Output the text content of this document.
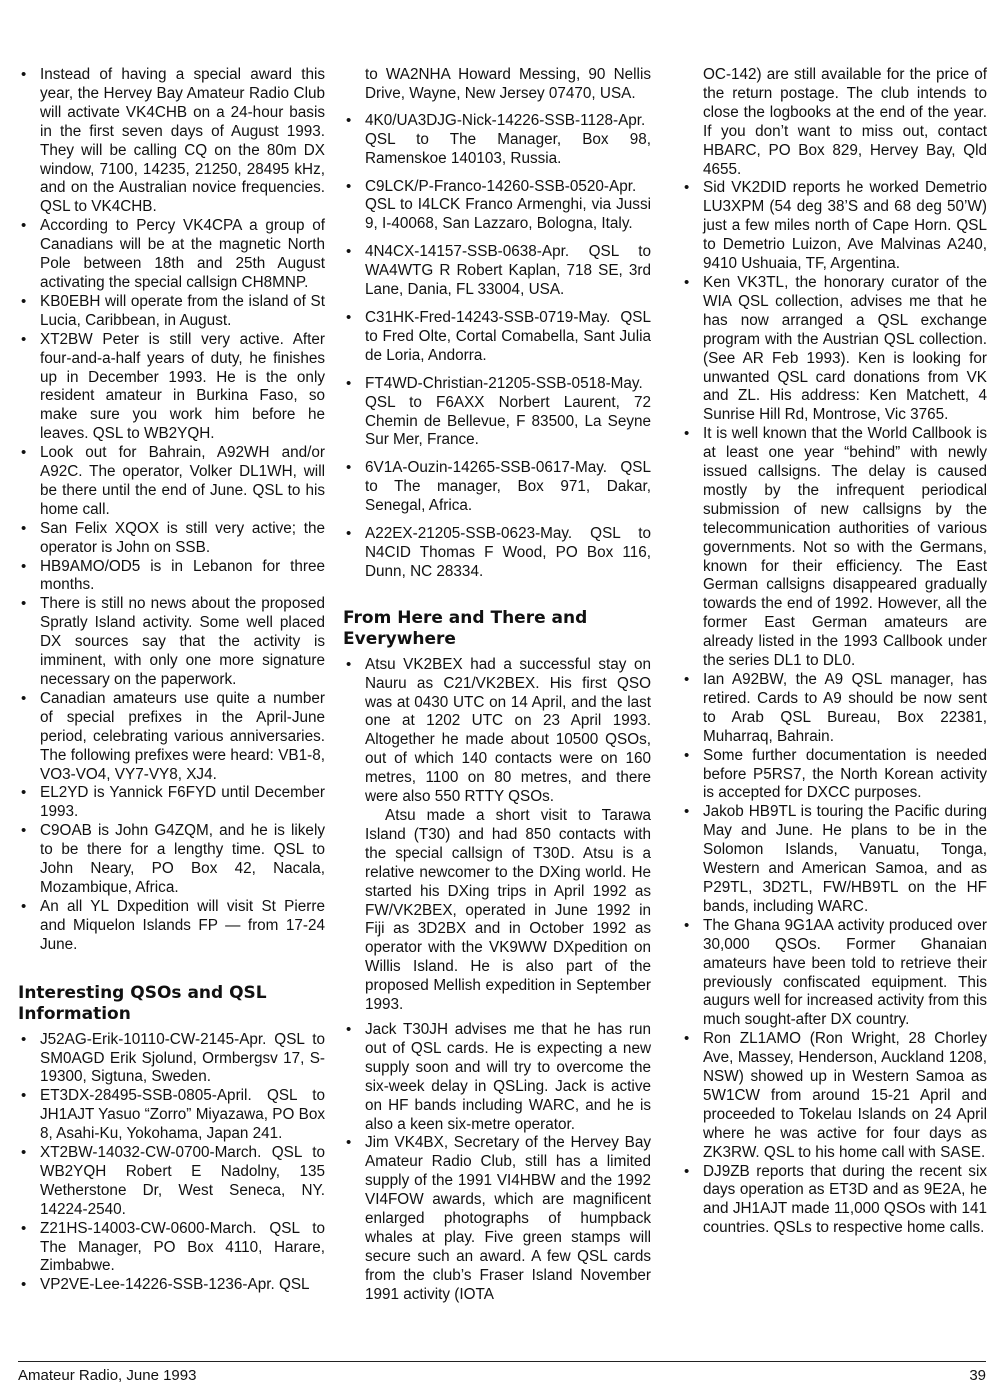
• Instead of having a special award this year, the Hervey Bay Amateur Radio Club will activate VK4CHB on a 24-hour basis in the first seven days of August 1993. They will be calling CQ on the 80m DX window, 7100, 14235, 21250, 28495 kHz, and on the Australian novice frequencies. QSL to VK4CHB.
• According to Percy VK4CPA a group of Canadians will be at the magnetic North Pole between 18th and 25th August activating the special callsign CH8MNP.
• KB0EBH will operate from the island of St Lucia, Caribbean, in August.
• XT2BW Peter is still very active. After four-and-a-half years of duty, he finishes up in December 1993. He is the only resident amateur in Burkina Faso, so make sure you work him before he leaves. QSL to WB2YQH.
• Look out for Bahrain, A92WH and/or A92C. The operator, Volker DL1WH, will be there until the end of June. QSL to his home call.
• San Felix XQOX is still very active; the operator is John on SSB.
• HB9AMO/OD5 is in Lebanon for three months.
• There is still no news about the proposed Spratly Island activity. Some well placed DX sources say that the activity is imminent, with only one more signature necessary on the paperwork.
• Canadian amateurs use quite a number of special prefixes in the April-June period, celebrating various anniversaries. The following prefixes were heard: VB1-8, VO3-VO4, VY7-VY8, XJ4.
• EL2YD is Yannick F6FYD until December 1993.
• C9OAB is John G4ZQM, and he is likely to be there for a lengthy time. QSL to John Neary, PO Box 42, Nacala, Mozambique, Africa.
• An all YL Dxpedition will visit St Pierre and Miquelon Islands FP — from 17-24 June.
Interesting QSOs and QSL Information
• J52AG-Erik-10110-CW-2145-Apr. QSL to SM0AGD Erik Sjolund, Ormbergsv 17, S-19300, Sigtuna, Sweden.
• ET3DX-28495-SSB-0805-April. QSL to JH1AJT Yasuo “Zorro” Miyazawa, PO Box 8, Asahi-Ku, Yokohama, Japan 241.
• XT2BW-14032-CW-0700-March. QSL to WB2YQH Robert E Nadolny, 135 Wetherstone Dr, West Seneca, NY. 14224-2540.
• Z21HS-14003-CW-0600-March. QSL to The Manager, PO Box 4110, Harare, Zimbabwe.
• VP2VE-Lee-14226-SSB-1236-Apr. QSL

to WA2NHA Howard Messing, 90 Nellis Drive, Wayne, New Jersey 07470, USA.

• 4K0/UA3DJG-Nick-14226-SSB-1128-Apr. QSL to The Manager, Box 98, Ramenskoe 140103, Russia.
• C9LCK/P-Franco-14260-SSB-0520-Apr. QSL to I4LCK Franco Armenghi, via Jussi 9, I-40068, San Lazzaro, Bologna, Italy.
• 4N4CX-14157-SSB-0638-Apr. QSL to WA4WTG R Robert Kaplan, 718 SE, 3rd Lane, Dania, FL 33004, USA.
• C31HK-Fred-14243-SSB-0719-May. QSL to Fred Olte, Cortal Comabella, Sant Julia de Loria, Andorra.
• FT4WD-Christian-21205-SSB-0518-May. QSL to F6AXX Norbert Laurent, 72 Chemin de Bellevue, F 83500, La Seyne Sur Mer, France.
• 6V1A-Ouzin-14265-SSB-0617-May. QSL to The manager, Box 971, Dakar, Senegal, Africa.
• A22EX-21205-SSB-0623-May. QSL to N4CID Thomas F Wood, PO Box 116, Dunn, NC 28334.
From Here and There and Everywhere
• Atsu VK2BEX had a successful stay on Nauru as C21/VK2BEX. His first QSO was at 0430 UTC on 14 April, and the last one at 1202 UTC on 23 April 1993. Altogether he made about 10500 QSOs, out of which 140 contacts were on 160 metres, 1100 on 80 metres, and there were also 550 RTTY QSOs.

Atsu made a short visit to Tarawa Island (T30) and had 850 contacts with the special callsign of T30D. Atsu is a relative newcomer to the DXing world. He started his DXing trips in April 1992 as FW/VK2BEX, operated in June 1992 in Fiji as 3D2BX and in October 1992 as operator with the VK9WW DXpedition on Willis Island. He is also part of the proposed Mellish expedition in September 1993.

• Jack T30JH advises me that he has run out of QSL cards. He is expecting a new supply soon and will try to overcome the six-week delay in QSLing. Jack is active on HF bands including WARC, and he is also a keen six-metre operator.
• Jim VK4BX, Secretary of the Hervey Bay Amateur Radio Club, still has a limited supply of the 1991 VI4HBW and the 1992 VI4FOW awards, which are magnificent enlarged photographs of humpback whales at play. Five green stamps will secure such an award. A few QSL cards from the club’s Fraser Island November 1991 activity (IOTA

OC-142) are still available for the price of the return postage. The club intends to close the logbooks at the end of the year. If you don’t want to miss out, contact HBARC, PO Box 829, Hervey Bay, Qld 4655.

• Sid VK2DID reports he worked Demetrio LU3XPM (54 deg 38’S and 68 deg 50’W) just a few miles north of Cape Horn. QSL to Demetrio Luizon, Ave Malvinas A240, 9410 Ushuaia, TF, Argentina.
• Ken VK3TL, the honorary curator of the WIA QSL collection, advises me that he has now arranged a QSL exchange program with the Austrian QSL collection. (See AR Feb 1993). Ken is looking for unwanted QSL card donations from VK and ZL. His address: Ken Matchett, 4 Sunrise Hill Rd, Montrose, Vic 3765.
• It is well known that the World Callbook is at least one year “behind” with newly issued callsigns. The delay is caused mostly by the infrequent periodical submission of new callsigns by the telecommunication authorities of various governments. Not so with the Germans, known for their efficiency. The East German callsigns disappeared gradually towards the end of 1992. However, all the former East German amateurs are already listed in the 1993 Callbook under the series DL1 to DL0.
• Ian A92BW, the A9 QSL manager, has retired. Cards to A9 should be now sent to Arab QSL Bureau, Box 22381, Muharraq, Bahrain.
• Some further documentation is needed before P5RS7, the North Korean activity is accepted for DXCC purposes.
• Jakob HB9TL is touring the Pacific during May and June. He plans to be in the Solomon Islands, Vanuatu, Tonga, Western and American Samoa, and as P29TL, 3D2TL, FW/HB9TL on the HF bands, including WARC.
• The Ghana 9G1AA activity produced over 30,000 QSOs. Former Ghanaian amateurs have been told to retrieve their previously confiscated equipment. This augurs well for increased activity from this much sought-after DX country.
• Ron ZL1AMO (Ron Wright, 28 Chorley Ave, Massey, Henderson, Auckland 1208, NSW) showed up in Western Samoa as 5W1CW from around 15-21 April and proceeded to Tokelau Islands on 24 April where he was active for four days as ZK3RW. QSL to his home call with SASE.
• DJ9ZB reports that during the recent six days operation as ET3D and as 9E2A, he and JH1AJT made 11,000 QSOs with 141 countries. QSLs to respective home calls.
Amateur Radio, June 1993	39
